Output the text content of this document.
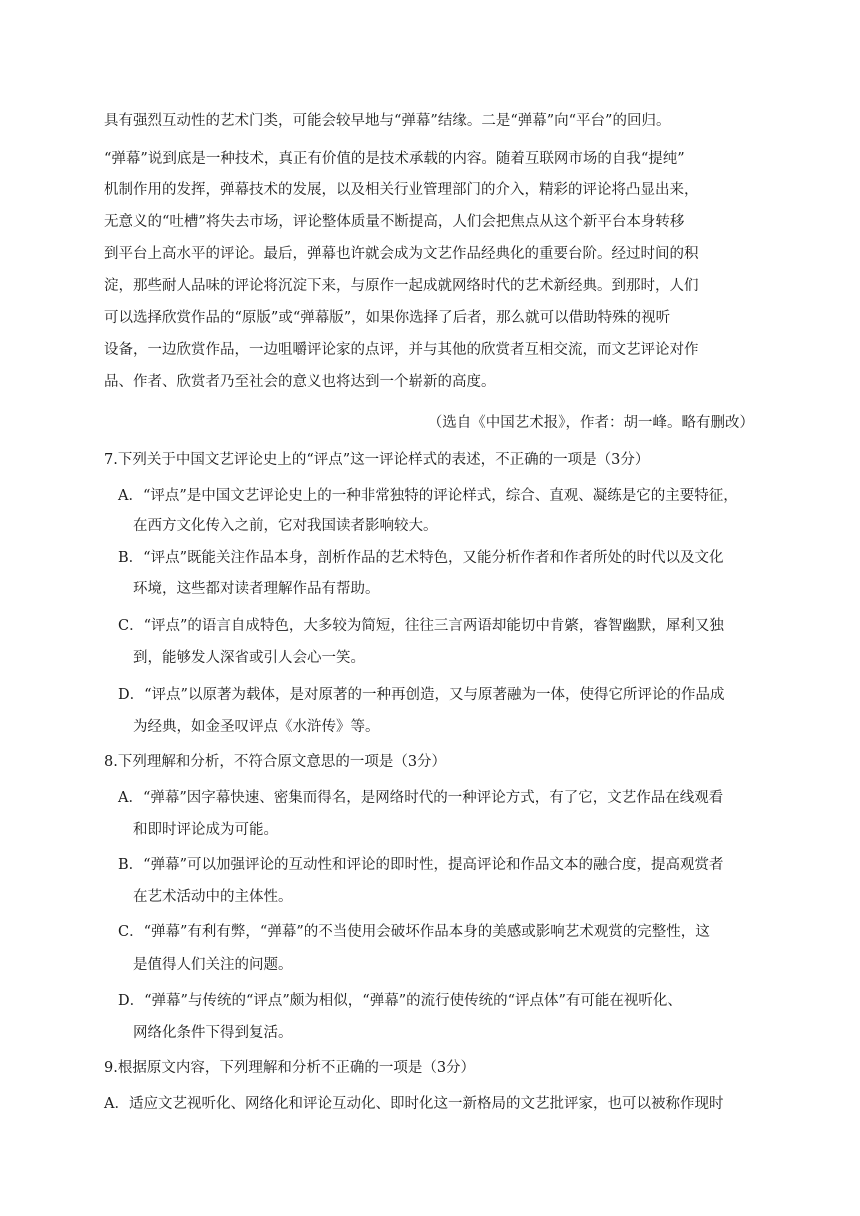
具有强烈互动性的艺术门类，可能会较早地与“弹幕”结缘。二是“弹幕”向“平台”的回归。
“弹幕”说到底是一种技术，真正有价值的是技术承载的内容。随着互联网市场的自我“提纯”
机制作用的发挥，弹幕技术的发展，以及相关行业管理部门的介入，精彩的评论将凸显出来，
无意义的“吐槽”将失去市场，评论整体质量不断提高，人们会把焦点从这个新平台本身转移
到平台上高水平的评论。最后，弹幕也许就会成为文艺作品经典化的重要台阶。经过时间的积
淀，那些耐人品味的评论将沉淀下来，与原作一起成就网络时代的艺术新经典。到那时，人们
可以选择欣赏作品的“原版”或“弹幕版”，如果你选择了后者，那么就可以借助特殊的视听
设备，一边欣赏作品，一边咀嚼评论家的点评，并与其他的欣赏者互相交流，而文艺评论对作
品、作者、欣赏者乃至社会的意义也将达到一个崭新的高度。
（选自《中国艺术报》，作者：胡一峰。略有删改）
7.下列关于中国文艺评论史上的“评点”这一评论样式的表述，不正确的一项是（3分）
A．“评点”是中国文艺评论史上的一种非常独特的评论样式，综合、直观、凝练是它的主要特征，
在西方文化传入之前，它对我国读者影响较大。
B．“评点”既能关注作品本身，剖析作品的艺术特色，又能分析作者和作者所处的时代以及文化
环境，这些都对读者理解作品有帮助。
C．“评点”的语言自成特色，大多较为简短，往往三言两语却能切中肯綮，睿智幽默，犀利又独
到，能够发人深省或引人会心一笑。
D．“评点”以原著为载体，是对原著的一种再创造，又与原著融为一体，使得它所评论的作品成
为经典，如金圣叹评点《水浒传》等。
8.下列理解和分析，不符合原文意思的一项是（3分）
A．“弹幕”因字幕快速、密集而得名，是网络时代的一种评论方式，有了它，文艺作品在线观看
和即时评论成为可能。
B．“弹幕”可以加强评论的互动性和评论的即时性，提高评论和作品文本的融合度，提高观赏者
在艺术活动中的主体性。
C．“弹幕”有利有弊，“弹幕”的不当使用会破坏作品本身的美感或影响艺术观赏的完整性，这
是值得人们关注的问题。
D．“弹幕”与传统的“评点”颇为相似，“弹幕”的流行使传统的“评点体”有可能在视听化、
网络化条件下得到复活。
9.根据原文内容，下列理解和分析不正确的一项是（3分）
A．适应文艺视听化、网络化和评论互动化、即时化这一新格局的文艺批评家，也可以被称作现时
